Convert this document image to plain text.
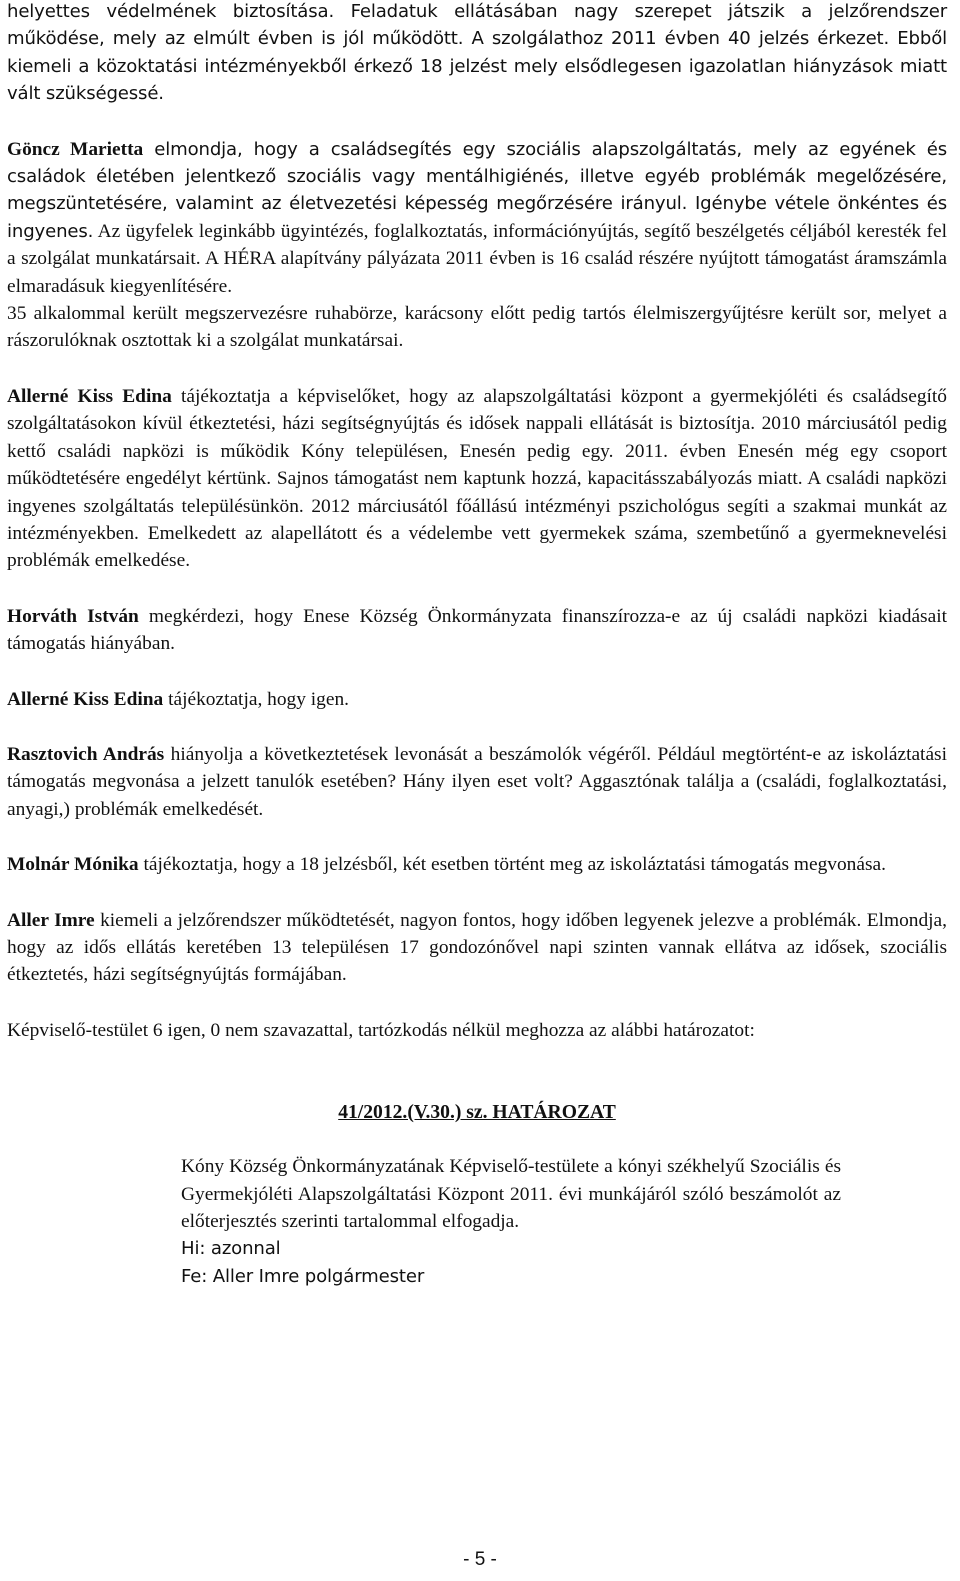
helyettes védelmének biztosítása. Feladatuk ellátásában nagy szerepet játszik a jelzőrendszer működése, mely az elmúlt évben is jól működött. A szolgálathoz 2011 évben 40 jelzés érkezet. Ebből kiemeli a közoktatási intézményekből érkező 18 jelzést mely elsődlegesen igazolatlan hiányzások miatt vált szükségessé.

Göncz Marietta elmondja, hogy a családsegítés egy szociális alapszolgáltatás, mely az egyének és családok életében jelentkező szociális vagy mentálhigiénés, illetve egyéb problémák megelőzésére, megszüntetésére, valamint az életvezetési képesség megőrzésére irányul. Igénybe vétele önkéntes és ingyenes. Az ügyfelek leginkább ügyintézés, foglalkoztatás, információnyújtás, segítő beszélgetés céljából keresték fel a szolgálat munkatársait. A HÉRA alapítvány pályázata 2011 évben is 16 család részére nyújtott támogatást áramszámla elmaradásuk kiegyenlítésére.

35 alkalommal került megszervezésre ruhabörze, karácsony előtt pedig tartós élelmiszergyűjtésre került sor, melyet a rászorulóknak osztottak ki a szolgálat munkatársai.

Allerné Kiss Edina tájékoztatja a képviselőket, hogy az alapszolgáltatási központ a gyermekjóléti és családsegítő szolgáltatásokon kívül étkeztetési, házi segítségnyújtás és idősek nappali ellátását is biztosítja. 2010 márciusától pedig kettő családi napközi is működik Kóny településen, Enesén pedig egy. 2011. évben Enesén még egy csoport működtetésére engedélyt kértünk. Sajnos támogatást nem kaptunk hozzá, kapacitásszabályozás miatt. A családi napközi ingyenes szolgáltatás településünkön. 2012 márciusától főállású intézményi pszichológus segíti a szakmai munkát az intézményekben. Emelkedett az alapellátott és a védelembe vett gyermekek száma, szembetűnő a gyermeknevelési problémák emelkedése.

Horváth István megkérdezi, hogy Enese Község Önkormányzata finanszírozza-e az új családi napközi kiadásait támogatás hiányában.

Allerné Kiss Edina tájékoztatja, hogy igen.

Rasztovich András hiányolja a következtetések levonását a beszámolók végéről. Például megtörtént-e az iskoláztatási támogatás megvonása a jelzett tanulók esetében? Hány ilyen eset volt? Aggasztónak találja a (családi, foglalkoztatási, anyagi,) problémák emelkedését.

Molnár Mónika tájékoztatja, hogy a 18 jelzésből, két esetben történt meg az iskoláztatási támogatás megvonása.

Aller Imre kiemeli a jelzőrendszer működtetését, nagyon fontos, hogy időben legyenek jelezve a problémák. Elmondja, hogy az idős ellátás keretében 13 településen 17 gondozónővel napi szinten vannak ellátva az idősek, szociális étkeztetés, házi segítségnyújtás formájában.

Képviselő-testület 6 igen, 0 nem szavazattal, tartózkodás nélkül meghozza az alábbi határozatot:

41/2012.(V.30.) sz. HATÁROZAT

Kóny Község Önkormányzatának Képviselő-testülete a kónyi székhelyű Szociális és Gyermekjóléti Alapszolgáltatási Központ 2011. évi munkájáról szóló beszámolót az előterjesztés szerinti tartalommal elfogadja.

Hi: azonnal

Fe: Aller Imre polgármester

- 5 -
